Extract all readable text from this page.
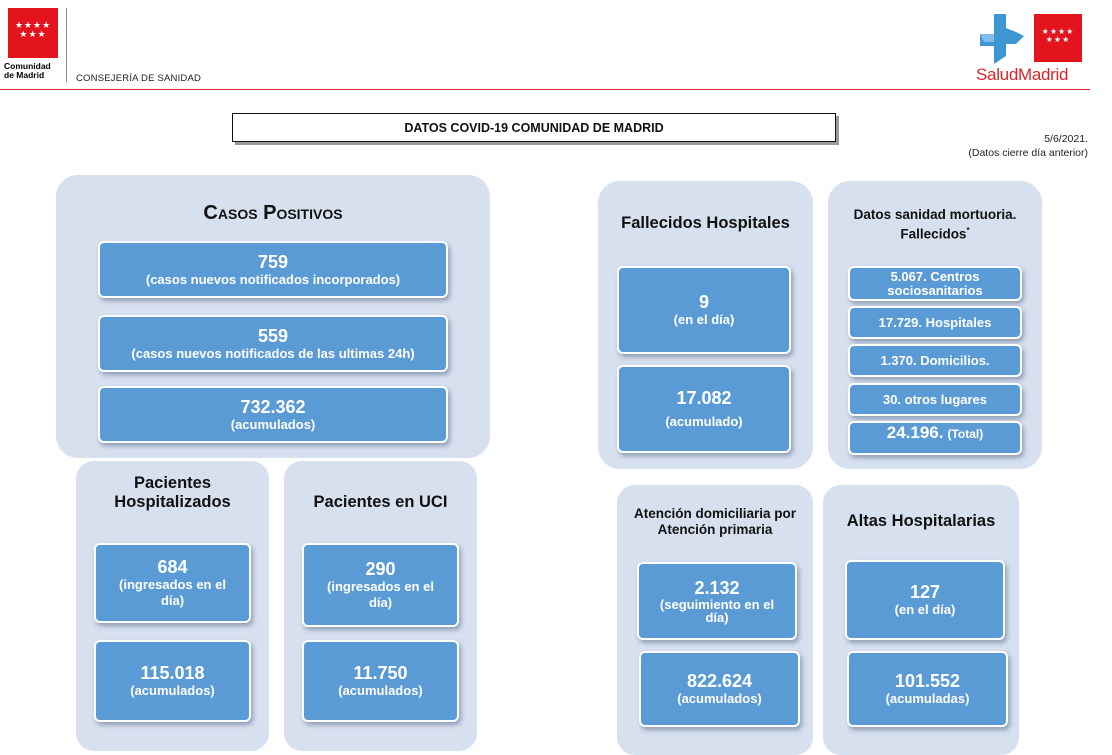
★★★★
★★★
Comunidad
de Madrid	CONSEJERÍA DE SANIDAD
★★★★
★★★
SaludMadrid
DATOS COVID-19 COMUNIDAD DE MADRID
5/6/2021.
(Datos cierre día anterior)
Casos Positivos
759
(casos nuevos notificados incorporados)
559
(casos nuevos notificados de las ultimas 24h)
732.362
(acumulados)
Pacientes Hospitalizados
684
(ingresados en el día)
115.018
(acumulados)
Pacientes en UCI
290
(ingresados en el día)
11.750
(acumulados)
Fallecidos Hospitales
9
(en el día)
17.082
(acumulado)
Datos sanidad mortuoria. Fallecidos*
5.067. Centros sociosanitarios
17.729. Hospitales
1.370. Domicilios.
30. otros lugares
24.196. (Total)
Atención domiciliaria por Atención primaria
2.132
(seguimiento en el día)
822.624
(acumulados)
Altas Hospitalarias
127
(en el día)
101.552
(acumuladas)
